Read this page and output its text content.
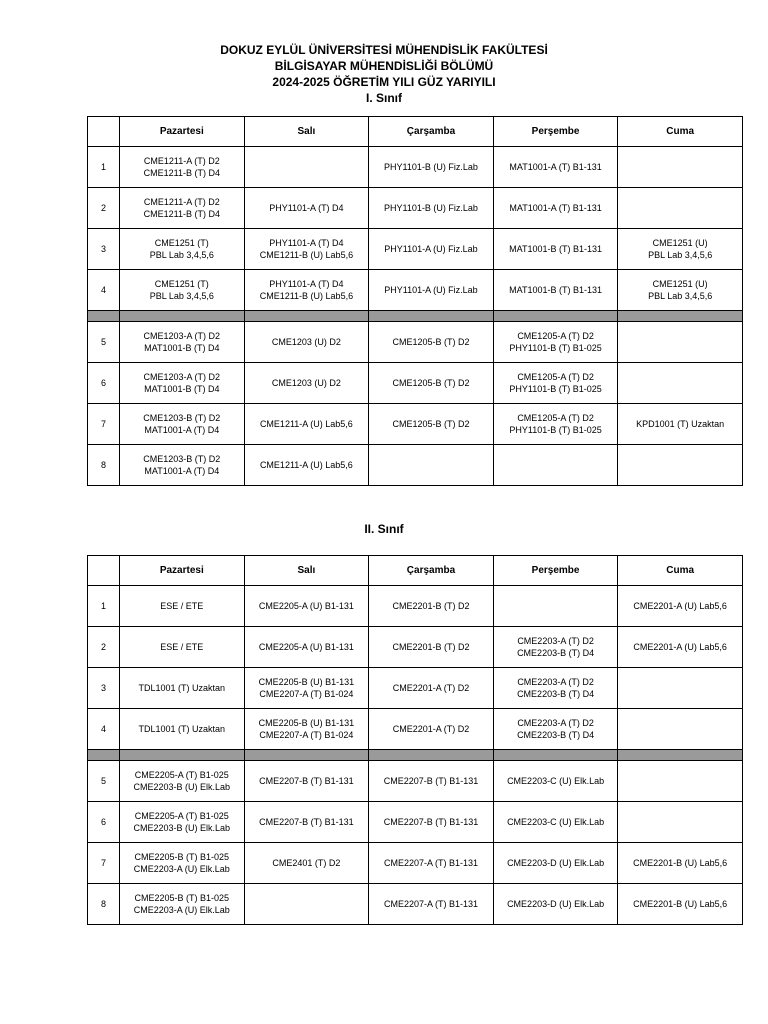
DOKUZ EYLÜL ÜNİVERSİTESİ MÜHENDİSLİK FAKÜLTESİ
BİLGİSAYAR MÜHENDİSLİĞİ BÖLÜMÜ
2024-2025 ÖĞRETİM YILI GÜZ YARIYILI
I. Sınıf
	Pazartesi	Salı	Çarşamba	Perşembe	Cuma
1	CME1211-A (T) D2
CME1211-B (T) D4		PHY1101-B (U) Fiz.Lab	MAT1001-A (T) B1-131	

2	CME1211-A (T) D2
CME1211-B (T) D4	PHY1101-A (T) D4	PHY1101-B (U) Fiz.Lab	MAT1001-A (T) B1-131	

3	CME1251 (T)
PBL Lab 3,4,5,6	PHY1101-A (T) D4
CME1211-B (U) Lab5,6	PHY1101-A (U) Fiz.Lab	MAT1001-B (T) B1-131	CME1251 (U)
PBL Lab 3,4,5,6

4	CME1251 (T)
PBL Lab 3,4,5,6	PHY1101-A (T) D4
CME1211-B (U) Lab5,6	PHY1101-A (U) Fiz.Lab	MAT1001-B (T) B1-131	CME1251 (U)
PBL Lab 3,4,5,6

5	CME1203-A (T) D2
MAT1001-B (T) D4	CME1203 (U) D2	CME1205-B (T) D2	CME1205-A (T) D2
PHY1101-B (T) B1-025	

6	CME1203-A (T) D2
MAT1001-B (T) D4	CME1203 (U) D2	CME1205-B (T) D2	CME1205-A (T) D2
PHY1101-B (T) B1-025	

7	CME1203-B (T) D2
MAT1001-A (T) D4	CME1211-A (U) Lab5,6	CME1205-B (T) D2	CME1205-A (T) D2
PHY1101-B (T) B1-025	KPD1001 (T) Uzaktan

8	CME1203-B (T) D2
MAT1001-A (T) D4	CME1211-A (U) Lab5,6			

II. Sınıf
	Pazartesi	Salı	Çarşamba	Perşembe	Cuma
1	ESE / ETE	CME2205-A (U) B1-131	CME2201-B (T) D2		CME2201-A (U) Lab5,6

2	ESE / ETE	CME2205-A (U) B1-131	CME2201-B (T) D2	CME2203-A (T) D2
CME2203-B (T) D4	CME2201-A (U) Lab5,6

3	TDL1001 (T) Uzaktan	CME2205-B (U) B1-131
CME2207-A (T) B1-024	CME2201-A (T) D2	CME2203-A (T) D2
CME2203-B (T) D4	

4	TDL1001 (T) Uzaktan	CME2205-B (U) B1-131
CME2207-A (T) B1-024	CME2201-A (T) D2	CME2203-A (T) D2
CME2203-B (T) D4	

5	CME2205-A (T) B1-025
CME2203-B (U) Elk.Lab	CME2207-B (T) B1-131	CME2207-B (T) B1-131	CME2203-C (U) Elk.Lab	

6	CME2205-A (T) B1-025
CME2203-B (U) Elk.Lab	CME2207-B (T) B1-131	CME2207-B (T) B1-131	CME2203-C (U) Elk.Lab	

7	CME2205-B (T) B1-025
CME2203-A (U) Elk.Lab	CME2401 (T) D2	CME2207-A (T) B1-131	CME2203-D (U) Elk.Lab	CME2201-B (U) Lab5,6

8	CME2205-B (T) B1-025
CME2203-A (U) Elk.Lab		CME2207-A (T) B1-131	CME2203-D (U) Elk.Lab	CME2201-B (U) Lab5,6
